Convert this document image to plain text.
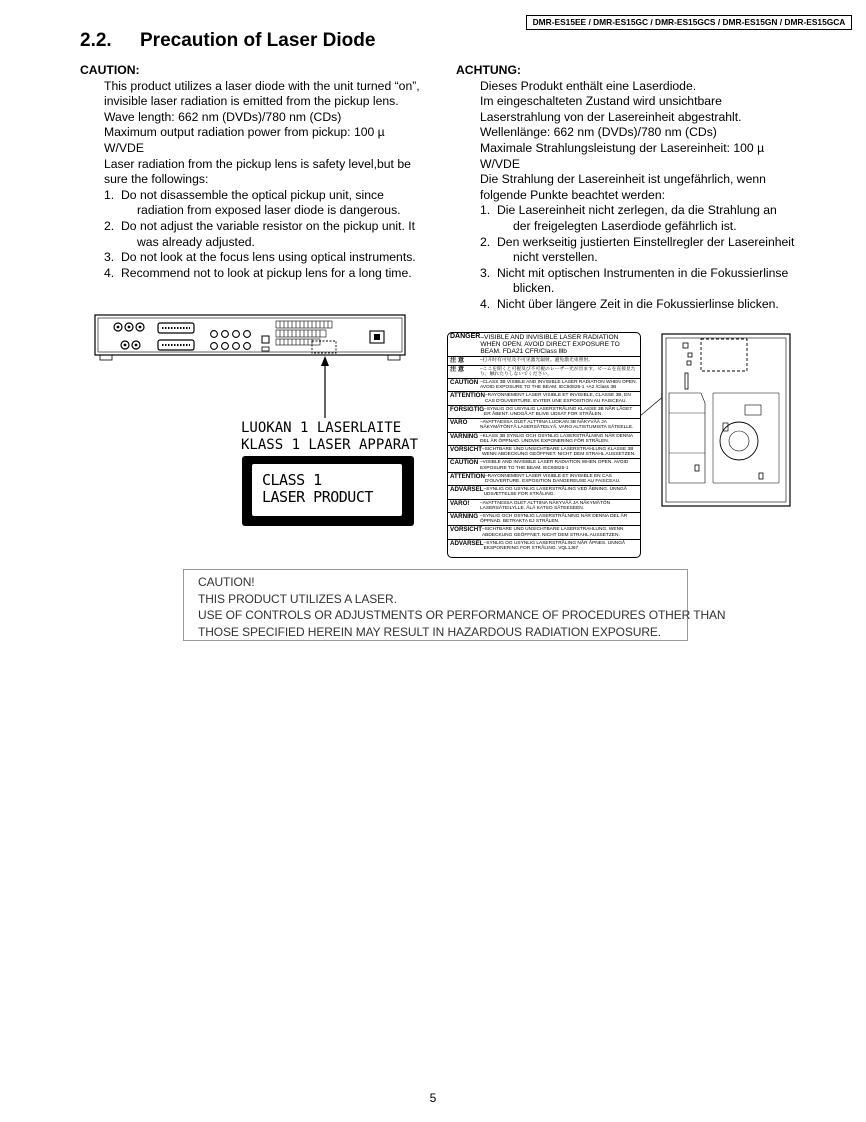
DMR-ES15EE / DMR-ES15GC / DMR-ES15GCS / DMR-ES15GN / DMR-ES15GCA
2.2. Precaution of Laser Diode
CAUTION:

This product utilizes a laser diode with the unit turned “on”,

invisible laser radiation is emitted from the pickup lens.

Wave length: 662 nm (DVDs)/780 nm (CDs)

Maximum output radiation power from pickup: 100 µ

W/VDE

Laser radiation from the pickup lens is safety level,but be

sure the followings:

1. Do not disassemble the optical pickup unit, since
radiation from exposed laser diode is dangerous.
2. Do not adjust the variable resistor on the pickup unit. It
was already adjusted.
3. Do not look at the focus lens using optical instruments.
4. Recommend not to look at pickup lens for a long time.
ACHTUNG:

Dieses Produkt enthält eine Laserdiode.

Im eingeschalteten Zustand wird unsichtbare

Laserstrahlung von der Lasereinheit abgestrahlt.

Wellenlänge: 662 nm (DVDs)/780 nm (CDs)

Maximale Strahlungsleistung der Lasereinheit: 100 µ

W/VDE

Die Strahlung der Lasereinheit ist ungefährlich, wenn

folgende Punkte beachtet werden:

1. Die Lasereinheit nicht zerlegen, da die Strahlung an
der freigelegten Laserdiode gefährlich ist.
2. Den werkseitig justierten Einstellregler der Lasereinheit
nicht verstellen.
3. Nicht mit optischen Instrumenten in die Fokussierlinse
blicken.
4. Nicht über längere Zeit in die Fokussierlinse blicken.
LUOKAN 1 LASERLAITE
KLASS 1 LASER APPARAT
CLASS 1
LASER PRODUCT
DANGER –VISIBLE AND INVISIBLE LASER RADIATION WHEN OPEN. AVOID DIRECT EXPOSURE TO BEAM. FDA21 CFR/Class Ⅲb
注 意	–打开时有可见及不可见激光辐射。避免激光束照射。
注 意	–ここを開くと可視及び不可視のレーザー光が出ます。ビームを直接見たり、触れたりしないでください。
CAUTION –CLASS 3B VISIBLE AND INVISIBLE LASER RADIATION WHEN OPEN. AVOID EXPOSURE TO THE BEAM. IEC60825-1 +A2 /Class 3B
ATTENTION –RAYONNEMENT LASER VISIBLE ET INVISIBLE, CLASSE 3B, EN CAS D'OUVERTURE. EVITER UNE EXPOSITION AU FAISCEAU.
FORSIGTIG –SYNLIG OG USYNLIG LASERSTRÅLING KLASSE 3B NÅR LÅGET ER ÅBENT. UNDGÅ AT BLIVE UDSAT FOR STRÅLEN.
VARO	–AVATTAESSA OLET ALTTIINA LUOKAN 3B NÄKYVÄÄ JA NÄKYMÄTÖNTÄ LASERSÄTEILYÄ. VARO ALTISTUMISTA SÄTEELLE.
VARNING –KLASS 3B SYNLIG OCH OSYNLIG LASERSTRÅLNING NÄR DENNA DEL ÄR ÖPPNAD. UNDVIK EXPONERING FÖR STRÅLEN.
VORSICHT –SICHTBARE UND UNSICHTBARE LASERSTRAHLUNG KLASSE 3B WENN ABDECKUNG GEÖFFNET. NICHT DEM STRAHL AUSSETZEN.
CAUTION –VISIBLE AND INVISIBLE LASER RADIATION WHEN OPEN. AVOID EXPOSURE TO THE BEAM. IEC60825-1
ATTENTION –RAYONNEMENT LASER VISIBLE ET INVISIBLE EN CAS D'OUVERTURE. EXPOSITION DANGEREUSE AU FAISCEAU.
ADVARSEL –SYNLIG OG USYNLIG LASERSTRÅLING VED ÅBNING. UNNGÅ UDSÆTTELSE FOR STRÅLING.
VARO!	–AVATTAESSA OLET ALTTIINA NÄKYVÄÄ JA NÄKYMÄTÖN LASERSÄTEILYLLE. ÄLÄ KATSO SÄTEESEEN.
VARNING –SYNLIG OCH OSYNLIG LASERSTRÅLNING NÄR DENNA DEL ÄR ÖPPNAD. BETRAKTA EJ STRÅLEN.
VORSICHT –SICHTBARE UND UNSICHTBARE LASERSTRAHLUNG, WENN ABDECKUNG GEÖFFNET. NICHT DEM STRAHL AUSSETZEN.
ADVARSEL –SYNLIG OG USYNLIG LASERSTRÅLING NÅR ÅPNES. UNNGÅ EKSPONERING FOR STRÅLING. VQL1J67

CAUTION!

THIS PRODUCT UTILIZES A LASER.

USE OF CONTROLS OR ADJUSTMENTS OR PERFORMANCE OF PROCEDURES OTHER THAN

THOSE SPECIFIED HEREIN MAY RESULT IN HAZARDOUS RADIATION EXPOSURE.

5
